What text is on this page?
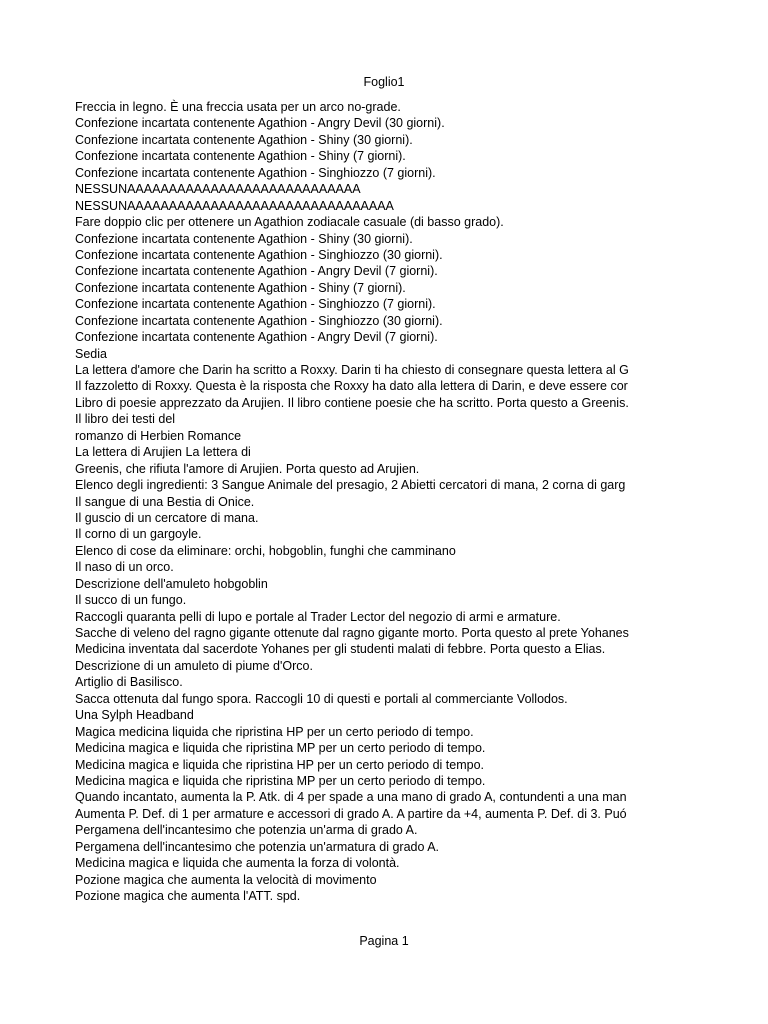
Foglio1
Freccia in legno. È una freccia usata per un arco no-grade.
Confezione incartata contenente Agathion - Angry Devil (30 giorni).
Confezione incartata contenente Agathion - Shiny (30 giorni).
Confezione incartata contenente Agathion - Shiny (7 giorni).
Confezione incartata contenente Agathion - Singhiozzo (7 giorni).
NESSUNAAAAAAAAAAAAAAAAAAAAAAAAAAAA
NESSUNAAAAAAAAAAAAAAAAAAAAAAAAAAAAAAAA
Fare doppio clic per ottenere un Agathion zodiacale casuale (di basso grado).
Confezione incartata contenente Agathion - Shiny (30 giorni).
Confezione incartata contenente Agathion - Singhiozzo (30 giorni).
Confezione incartata contenente Agathion - Angry Devil (7 giorni).
Confezione incartata contenente Agathion - Shiny (7 giorni).
Confezione incartata contenente Agathion - Singhiozzo (7 giorni).
Confezione incartata contenente Agathion - Singhiozzo (30 giorni).
Confezione incartata contenente Agathion - Angry Devil (7 giorni).
Sedia
La lettera d'amore che Darin ha scritto a Roxxy. Darin ti ha chiesto di consegnare questa lettera al G
Il fazzoletto di Roxxy. Questa è la risposta che Roxxy ha dato alla lettera di Darin, e deve essere cor
Libro di poesie apprezzato da Arujien. Il libro contiene poesie che ha scritto. Porta questo a Greenis.
Il libro dei testi del
romanzo di Herbien Romance
La lettera di Arujien La lettera di
Greenis, che rifiuta l'amore di Arujien. Porta questo ad Arujien.
Elenco degli ingredienti: 3 Sangue Animale del presagio, 2 Abietti cercatori di mana, 2 corna di garg
Il sangue di una Bestia di Onice.
Il guscio di un cercatore di mana.
Il corno di un gargoyle.
Elenco di cose da eliminare: orchi, hobgoblin, funghi che camminano
Il naso di un orco.
Descrizione dell'amuleto hobgoblin
Il succo di un fungo.
Raccogli quaranta pelli di lupo e portale al Trader Lector del negozio di armi e armature.
Sacche di veleno del ragno gigante ottenute dal ragno gigante morto. Porta questo al prete Yohanes
Medicina inventata dal sacerdote Yohanes per gli studenti malati di febbre. Porta questo a Elias.
Descrizione di un amuleto di piume d'Orco.
Artiglio di Basilisco.
Sacca ottenuta dal fungo spora. Raccogli 10 di questi e portali al commerciante Vollodos.
Una Sylph Headband
Magica medicina liquida che ripristina HP per un certo periodo di tempo.
Medicina magica e liquida che ripristina MP per un certo periodo di tempo.
Medicina magica e liquida che ripristina HP per un certo periodo di tempo.
Medicina magica e liquida che ripristina MP per un certo periodo di tempo.
Quando incantato, aumenta la P. Atk. di 4 per spade a una mano di grado A, contundenti a una man
Aumenta P. Def. di 1 per armature e accessori di grado A. A partire da +4, aumenta P. Def. di 3. Puó
Pergamena dell'incantesimo che potenzia un'arma di grado A.
Pergamena dell'incantesimo che potenzia un'armatura di grado A.
Medicina magica e liquida che aumenta la forza di volontà.
Pozione magica che aumenta la velocità di movimento
Pozione magica che aumenta l'ATT. spd.
Pagina 1
